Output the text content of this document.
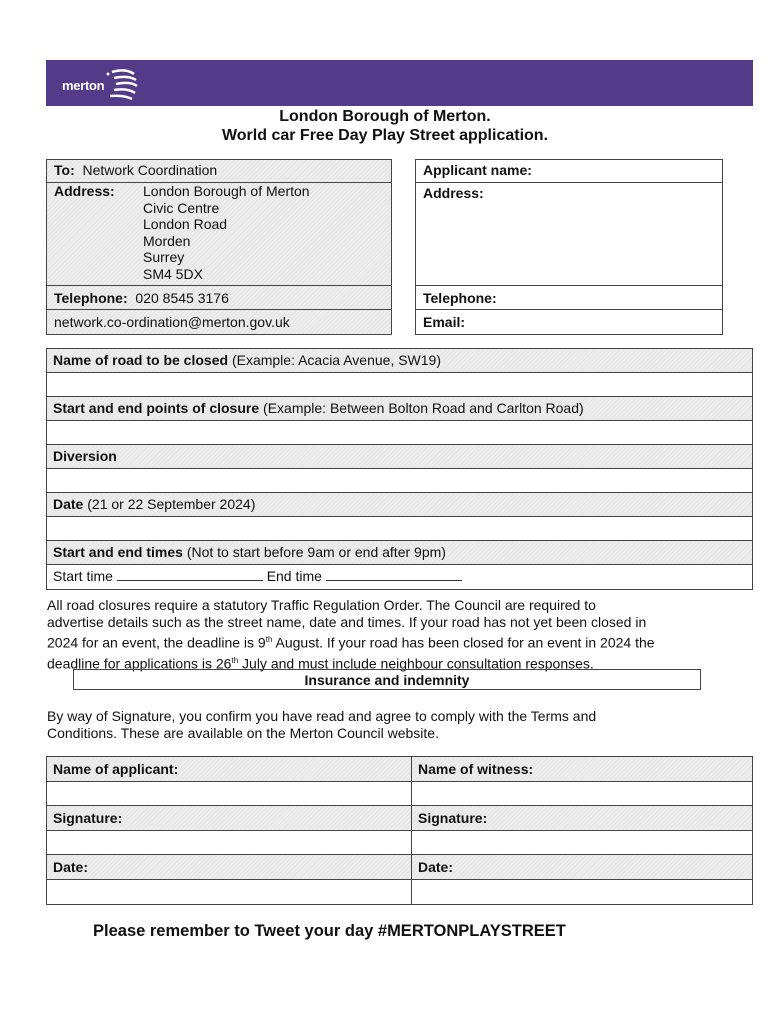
merton
London Borough of Merton.
World car Free Day Play Street application.
To: Network Coordination
Address: London Borough of Merton
Civic Centre
London Road
Morden
Surrey
SM4 5DX
Telephone: 020 8545 3176
network.co-ordination@merton.gov.uk
Applicant name:
Address:
Telephone:
Email:
Name of road to be closed (Example: Acacia Avenue, SW19)
Start and end points of closure (Example: Between Bolton Road and Carlton Road)
Diversion
Date (21 or 22 September 2024)
Start and end times (Not to start before 9am or end after 9pm)
Start time	End time
All road closures require a statutory Traffic Regulation Order. The Council are required to
advertise details such as the street name, date and times. If your road has not yet been closed in
2024 for an event, the deadline is 9th August. If your road has been closed for an event in 2024 the
deadline for applications is 26th July and must include neighbour consultation responses.
Insurance and indemnity
By way of Signature, you confirm you have read and agree to comply with the Terms and
Conditions. These are available on the Merton Council website.
Name of applicant:	Name of witness:
Signature:	Signature:
Date:	Date:
Please remember to Tweet your day #MERTONPLAYSTREET
